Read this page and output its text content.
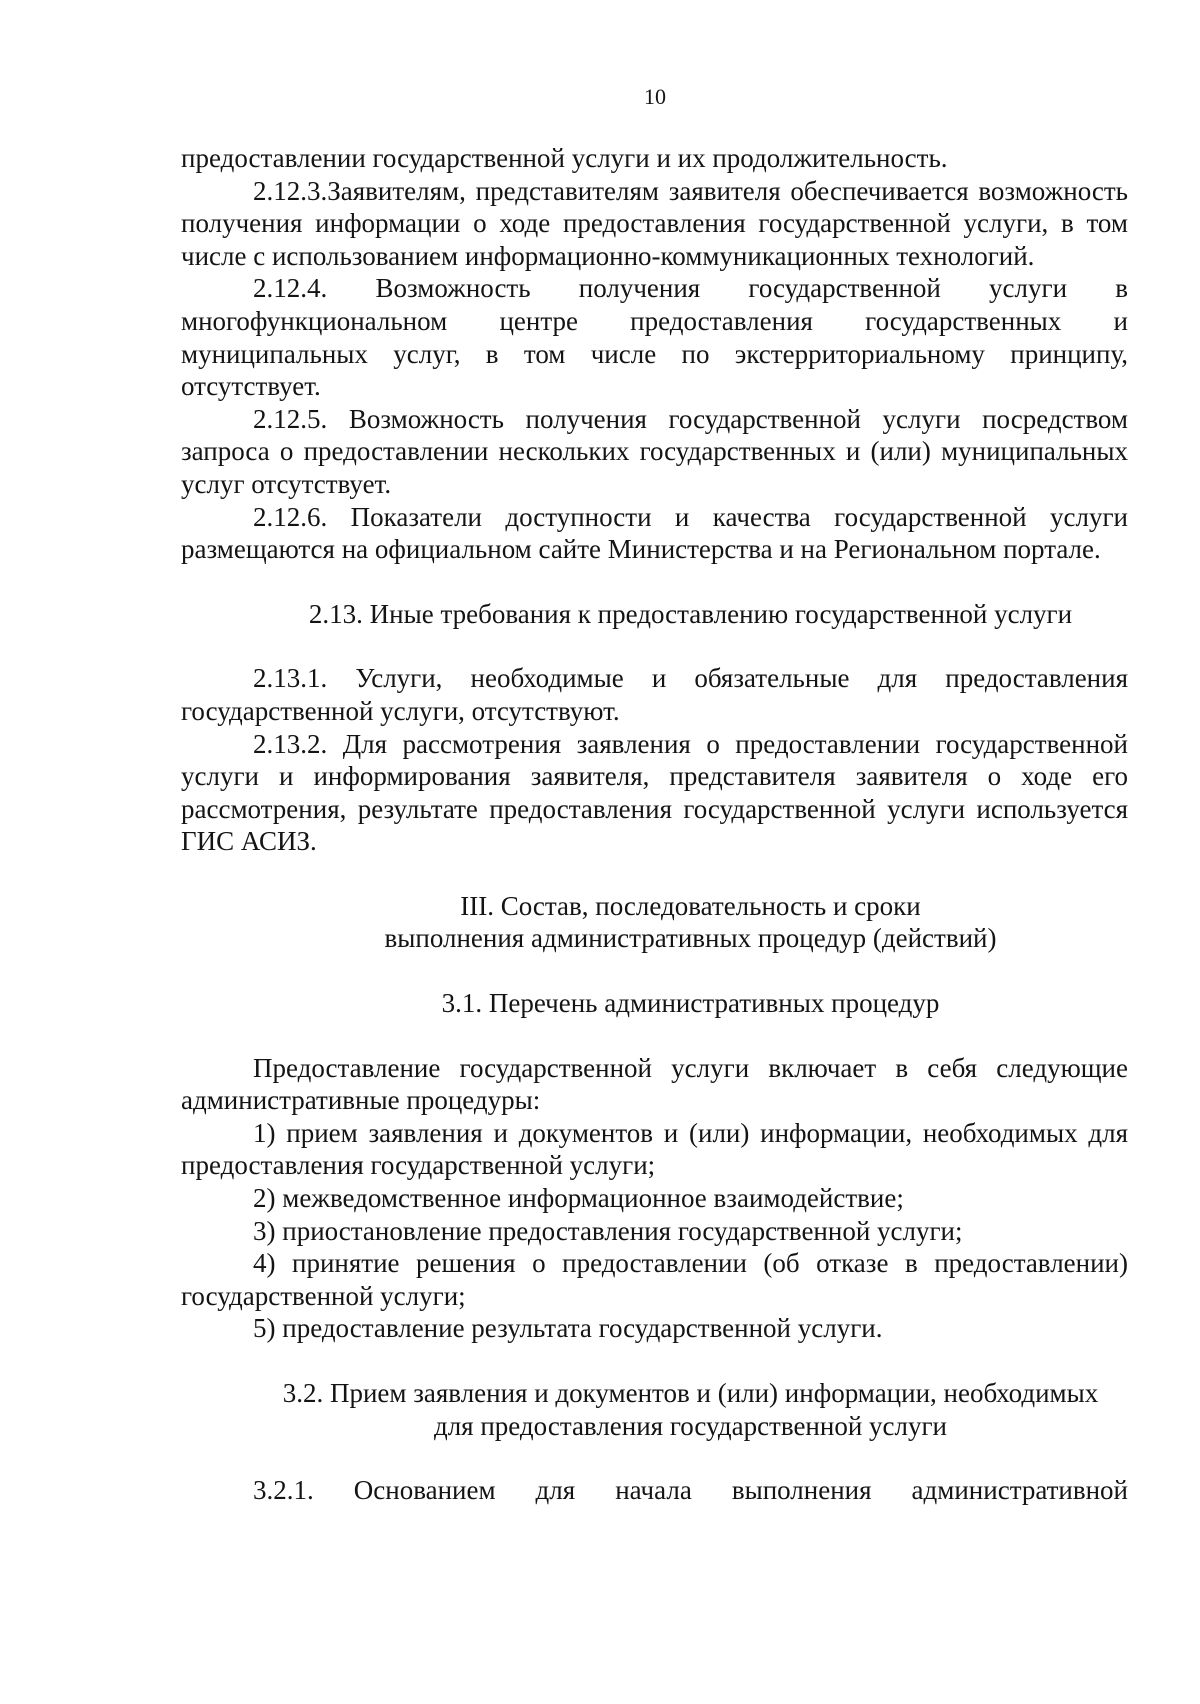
10

предоставлении государственной услуги и их продолжительность.

2.12.3.Заявителям, представителям заявителя обеспечивается возможность получения информации о ходе предоставления государственной услуги, в том числе с использованием информационно-коммуникационных технологий.

2.12.4. Возможность получения государственной услуги в многофункциональном центре предоставления государственных и муниципальных услуг, в том числе по экстерриториальному принципу, отсутствует.

2.12.5. Возможность получения государственной услуги посредством запроса о предоставлении нескольких государственных и (или) муниципальных услуг отсутствует.

2.12.6. Показатели доступности и качества государственной услуги размещаются на официальном сайте Министерства и на Региональном портале.

2.13. Иные требования к предоставлению государственной услуги

2.13.1. Услуги, необходимые и обязательные для предоставления государственной услуги, отсутствуют.

2.13.2. Для рассмотрения заявления о предоставлении государственной услуги и информирования заявителя, представителя заявителя о ходе его рассмотрения, результате предоставления государственной услуги используется ГИС АСИЗ.

III. Состав, последовательность и сроки
выполнения административных процедур (действий)

3.1. Перечень административных процедур

Предоставление государственной услуги включает в себя следующие административные процедуры:

1) прием заявления и документов и (или) информации, необходимых для предоставления государственной услуги;

2) межведомственное информационное взаимодействие;

3) приостановление предоставления государственной услуги;

4) принятие решения о предоставлении (об отказе в предоставлении) государственной услуги;

5) предоставление результата государственной услуги.

3.2. Прием заявления и документов и (или) информации, необходимых
для предоставления государственной услуги

3.2.1. Основанием для начала выполнения административной
